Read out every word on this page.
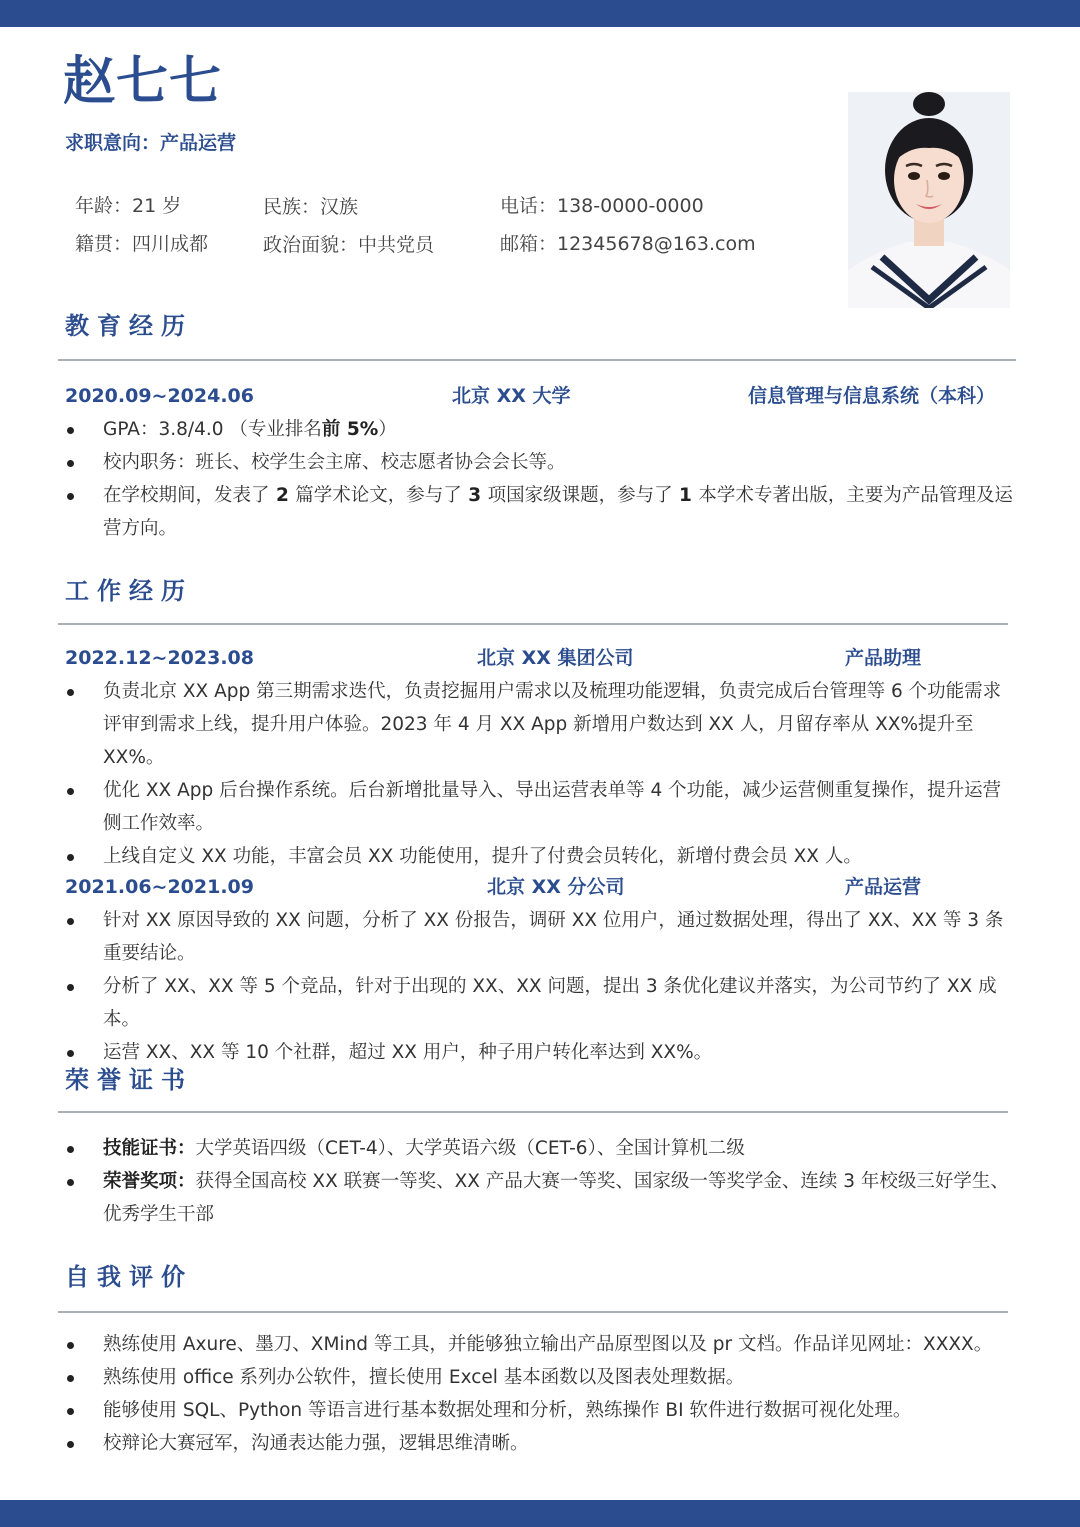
赵七七
求职意向：产品运营
年龄：21 岁	民族：汉族	电话：138-0000-0000
籍贯：四川成都	政治面貌：中共党员	邮箱：12345678@163.com
教育经历
2020.09~2024.06	北京 XX 大学	信息管理与信息系统（本科）
GPA：3.8/4.0 （专业排名前 5%）
校内职务：班长、校学生会主席、校志愿者协会会长等。
在学校期间，发表了 2 篇学术论文，参与了 3 项国家级课题，参与了 1 本学术专著出版，主要为产品管理及运营方向。
工作经历
2022.12~2023.08	北京 XX 集团公司	产品助理
负责北京 XX App 第三期需求迭代，负责挖掘用户需求以及梳理功能逻辑，负责完成后台管理等 6 个功能需求评审到需求上线，提升用户体验。2023 年 4 月 XX App 新增用户数达到 XX 人，月留存率从 XX%提升至 XX%。
优化 XX App 后台操作系统。后台新增批量导入、导出运营表单等 4 个功能，减少运营侧重复操作，提升运营侧工作效率。
上线自定义 XX 功能，丰富会员 XX 功能使用，提升了付费会员转化，新增付费会员 XX 人。
2021.06~2021.09	北京 XX 分公司	产品运营
针对 XX 原因导致的 XX 问题，分析了 XX 份报告，调研 XX 位用户，通过数据处理，得出了 XX、XX 等 3 条重要结论。
分析了 XX、XX 等 5 个竞品，针对于出现的 XX、XX 问题，提出 3 条优化建议并落实，为公司节约了 XX 成本。
运营 XX、XX 等 10 个社群，超过 XX 用户，种子用户转化率达到 XX%。
荣誉证书
技能证书：大学英语四级（CET-4）、大学英语六级（CET-6）、全国计算机二级
荣誉奖项：获得全国高校 XX 联赛一等奖、XX 产品大赛一等奖、国家级一等奖学金、连续 3 年校级三好学生、优秀学生干部
自我评价
熟练使用 Axure、墨刀、XMind 等工具，并能够独立输出产品原型图以及 pr 文档。作品详见网址：XXXX。
熟练使用 office 系列办公软件，擅长使用 Excel 基本函数以及图表处理数据。
能够使用 SQL、Python 等语言进行基本数据处理和分析，熟练操作 BI 软件进行数据可视化处理。
校辩论大赛冠军，沟通表达能力强，逻辑思维清晰。
